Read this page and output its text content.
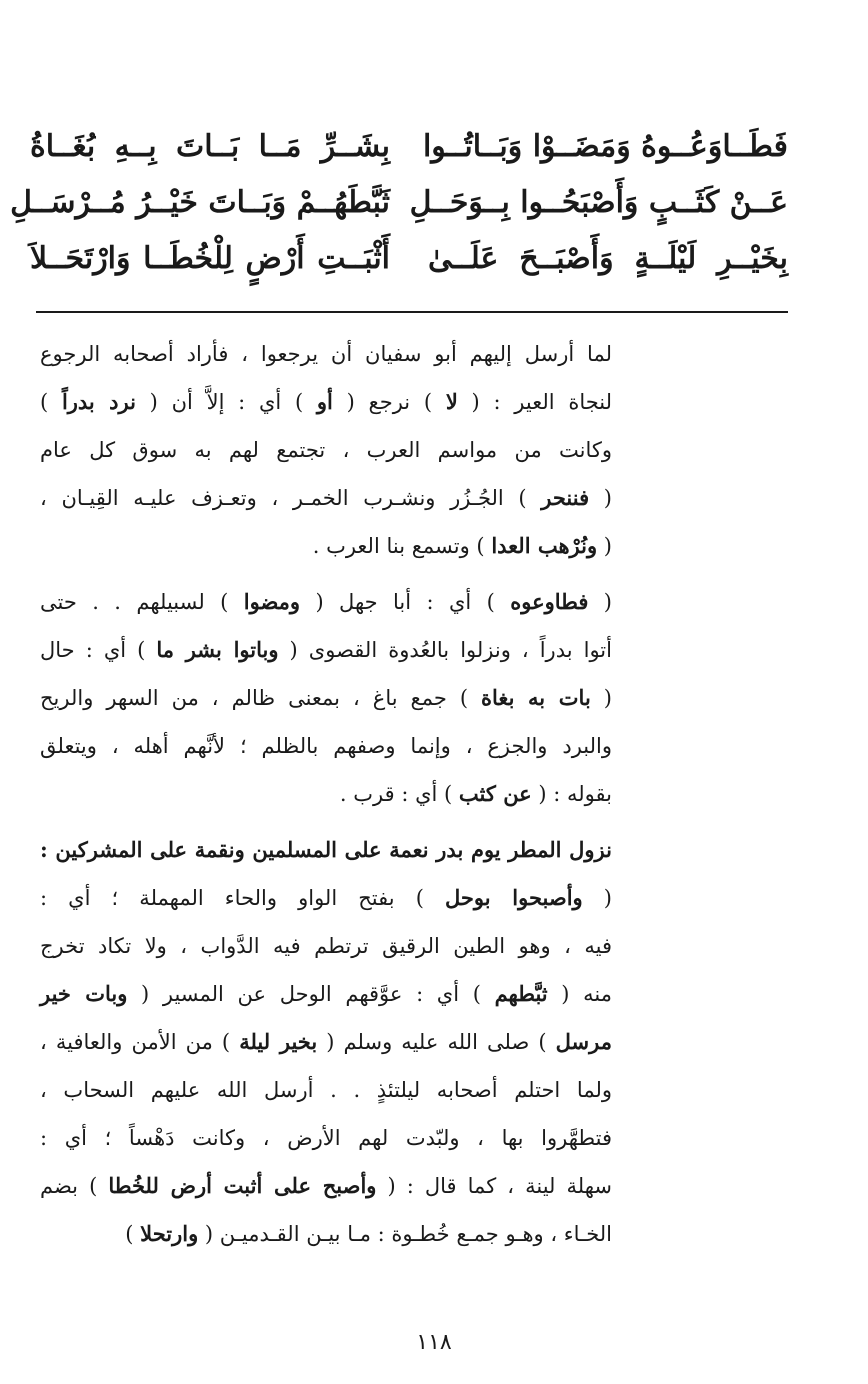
فَطَــاوَعُــوهُ وَمَضَــوْا وَبَــاتُــوا
بِشَــرِّ مَــا بَــاتَ بِــهِ بُغَــاةُ
عَــنْ كَثَــبٍ وَأَصْبَحُــوا بِــوَحَــلِ
ثَبَّطَهُــمْ وَبَــاتَ خَيْــرُ مُــرْسَــلِ
بِخَيْــرِ لَيْلَــةٍ وَأَصْبَــحَ عَلَــىٰ
أَثْبَــتِ أَرْضٍ لِلْخُطَــا وَارْتَحَــلاَ
لما أرسل إليهم أبو سفيان أن يرجعوا ، فأراد أصحابه الرجوع
لنجاة العير : ( لا ) نرجع ( أو ) أي : إلاَّ أن ( نرد بدراً )
وكانت من مواسم العرب ، تجتمع لهم به سوق كل عام
( فننحر ) الجُـزُر ونشـرب الخمـر ، وتعـزف عليـه القِيـان ،
( ونُرْهب العدا ) وتسمع بنا العرب .
( فطاوعوه ) أي : أبا جهل ( ومضوا ) لسبيلهم . . حتى
أتوا بدراً ، ونزلوا بالعُدوة القصوى ( وباتوا بشر ما ) أي : حال
( بات به بغاة ) جمع باغ ، بمعنى ظالم ، من السهر والريح
والبرد والجزع ، وإنما وصفهم بالظلم ؛ لأنَّهم أهله ، ويتعلق
بقوله : ( عن كثب ) أي : قرب .
نزول المطر يوم بدر نعمة على المسلمين ونقمة على المشركين :
( وأصبحوا بوحل ) بفتح الواو والحاء المهملة ؛ أي :
فيه ، وهو الطين الرقيق ترتطم فيه الدَّواب ، ولا تكاد تخرج
منه ( ثبَّطهم ) أي : عوَّقهم الوحل عن المسير ( وبات خير
مرسل ) صلى الله عليه وسلم ( بخير ليلة ) من الأمن والعافية ،
ولما احتلم أصحابه ليلتئذٍ . . أرسل الله عليهم السحاب ،
فتطهَّروا بها ، ولبّدت لهم الأرض ، وكانت دَهْساً ؛ أي :
سهلة لينة ، كما قال : ( وأصبح على أثبت أرض للخُطا ) بضم
الخـاء ، وهـو جمـع خُطـوة : مـا بيـن القـدميـن ( وارتحلا )
١١٨
